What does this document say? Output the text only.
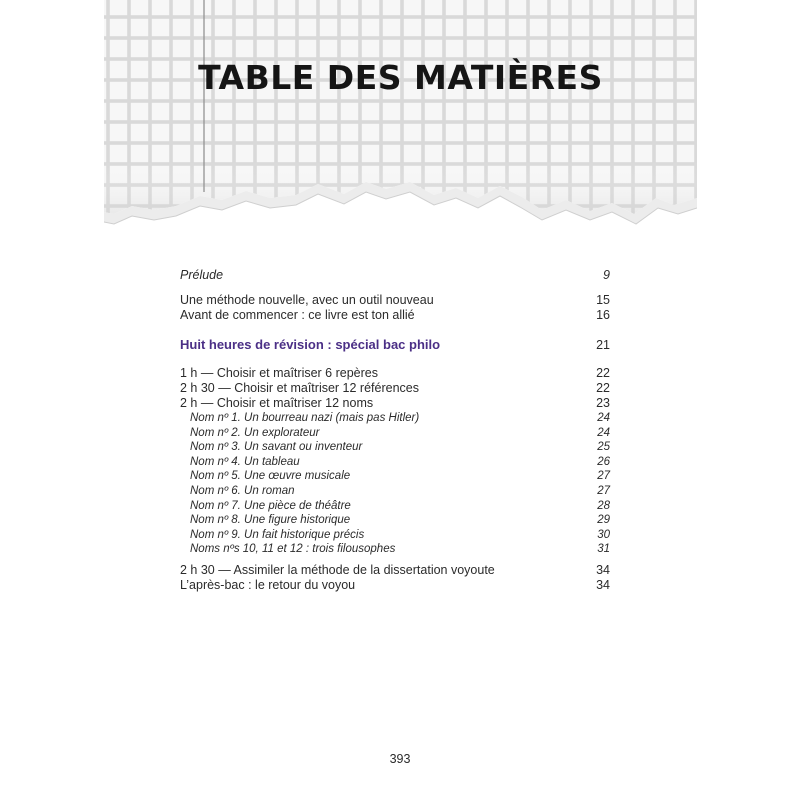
TABLE DES MATIÈRES
Prélude	9
Une méthode nouvelle, avec un outil nouveau	15
Avant de commencer : ce livre est ton allié	16
Huit heures de révision : spécial bac philo	21
1 h — Choisir et maîtriser 6 repères	22
2 h 30 — Choisir et maîtriser 12 références	22
2 h — Choisir et maîtriser 12 noms	23
Nom nº 1. Un bourreau nazi (mais pas Hitler)	24
Nom nº 2. Un explorateur	24
Nom nº 3. Un savant ou inventeur	25
Nom nº 4. Un tableau	26
Nom nº 5. Une œuvre musicale	27
Nom nº 6. Un roman	27
Nom nº 7. Une pièce de théâtre	28
Nom nº 8. Une figure historique	29
Nom nº 9. Un fait historique précis	30
Noms nºs 10, 11 et 12 : trois filousophes	31
2 h 30 — Assimiler la méthode de la dissertation voyoute	34
L’après-bac : le retour du voyou	34
393
